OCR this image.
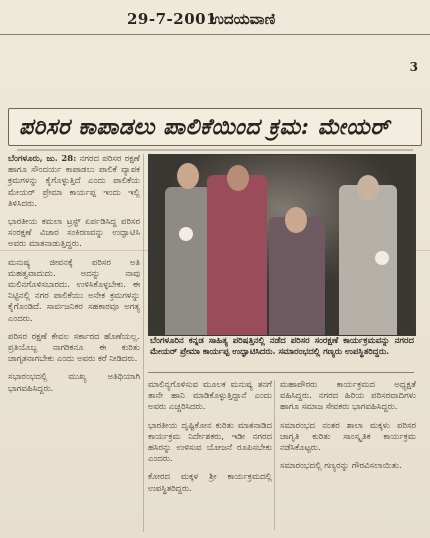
29-7-2001
ಉದಯವಾಣಿ
3
ಪರಿಸರ ಕಾಪಾಡಲು ಪಾಲಿಕೆಯಿಂದ ಕ್ರಮ: ಮೇಯರ್

ಬೆಂಗಳೂರು, ಜು. 28: ನಗರದ ಪರಿಸರ ರಕ್ಷಣೆ ಹಾಗೂ ಸೌಂದರ್ಯ ಕಾಪಾಡಲು ಪಾಲಿಕೆ ವ್ಯಾಪಕ ಕ್ರಮಗಳನ್ನು ಕೈಗೊಳ್ಳುತ್ತಿದೆ ಎಂದು ಪಾಲಿಕೆಯ ಮೇಯರ್ ಪ್ರೇಮಾ ಕಾರ್ಯಪ್ಪ ಇಂದು ಇಲ್ಲಿ ತಿಳಿಸಿದರು.

ಭಾರತೀಯ ಕಮಲಾ ಟ್ರಸ್ಟ್ ಏರ್ಪಡಿಸಿದ್ದ ಪರಿಸರ ಸಂರಕ್ಷಣೆ ವಿಚಾರ ಸಂಕಿರಣವನ್ನು ಉದ್ಘಾಟಿಸಿ ಅವರು ಮಾತನಾಡುತ್ತಿದ್ದರು.

ಮನುಷ್ಯ ಜೀವನಕ್ಕೆ ಪರಿಸರ ಅತಿ ಮಹತ್ವವಾದುದು. ಅದನ್ನು ನಾವು ಮಲಿನಗೊಳಿಸಬಾರದು. ಉಳಿಸಿಕೊಳ್ಳಬೇಕು. ಈ ನಿಟ್ಟಿನಲ್ಲಿ ನಗರ ಪಾಲಿಕೆಯು ಅನೇಕ ಕ್ರಮಗಳನ್ನು ಕೈಗೊಂಡಿದೆ. ಸಾರ್ವಜನಿಕರ ಸಹಕಾರವೂ ಅಗತ್ಯ ಎಂದರು.

ಪರಿಸರ ರಕ್ಷಣೆ ಕೇವಲ ಸರ್ಕಾರದ ಹೊಣೆಯಲ್ಲ. ಪ್ರತಿಯೊಬ್ಬ ನಾಗರಿಕನೂ ಈ ಕುರಿತು ಜಾಗೃತನಾಗಬೇಕು ಎಂದು ಅವರು ಕರೆ ನೀಡಿದರು.

ಸಭಾರಂಭದಲ್ಲಿ ಮುಖ್ಯ ಅತಿಥಿಯಾಗಿ ಭಾಗವಹಿಸಿದ್ದರು.

ಬೆಂಗಳೂರಿನ ಕನ್ನಡ ಸಾಹಿತ್ಯ ಪರಿಷತ್ತಿನಲ್ಲಿ ನಡೆದ ಪರಿಸರ ಸಂರಕ್ಷಣೆ ಕಾರ್ಯಕ್ರಮವನ್ನು ನಗರದ ಮೇಯರ್ ಪ್ರೇಮಾ ಕಾರ್ಯಪ್ಪ ಉದ್ಘಾಟಿಸಿದರು. ಸಮಾರಂಭದಲ್ಲಿ ಗಣ್ಯರು ಉಪಸ್ಥಿತರಿದ್ದರು.

ಮಾಲಿನ್ಯಗೊಳಿಸುವ ಮೂಲಕ ಮನುಷ್ಯ ತನಗೆ ತಾನೇ ಹಾನಿ ಮಾಡಿಕೊಳ್ಳುತ್ತಿದ್ದಾನೆ ಎಂದು ಅವರು ಎಚ್ಚರಿಸಿದರು.

ಭಾರತೀಯ ದೃಷ್ಟಿಕೋನ ಕುರಿತು ಮಾತನಾಡಿದ ಕಾರ್ಯಕ್ರಮ ನಿರ್ದೇಶಕರು, ಇಡೀ ನಗರದ ಹಸಿರನ್ನು ಉಳಿಸುವ ಯೋಜನೆ ರೂಪಿಸಬೇಕು ಎಂದರು.

ಕೋರದ ಮಕ್ಕಳ ಶ್ರೀ ಕಾರ್ಯಕ್ರಮದಲ್ಲಿ ಉಪಸ್ಥಿತರಿದ್ದರು.

ಮಹಾಪೌರರು ಕಾರ್ಯಕ್ರಮದ ಅಧ್ಯಕ್ಷತೆ ವಹಿಸಿದ್ದರು. ನಗರದ ಹಿರಿಯ ಪರಿಸರವಾದಿಗಳು ಹಾಗೂ ಸಮಾಜ ಸೇವಕರು ಭಾಗವಹಿಸಿದ್ದರು.

ಸಮಾರಂಭದ ನಂತರ ಶಾಲಾ ಮಕ್ಕಳು ಪರಿಸರ ಜಾಗೃತಿ ಕುರಿತು ಸಾಂಸ್ಕೃತಿಕ ಕಾರ್ಯಕ್ರಮ ನಡೆಸಿಕೊಟ್ಟರು.

ಸಮಾರಂಭದಲ್ಲಿ ಗಣ್ಯರನ್ನು ಗೌರವಿಸಲಾಯಿತು.
